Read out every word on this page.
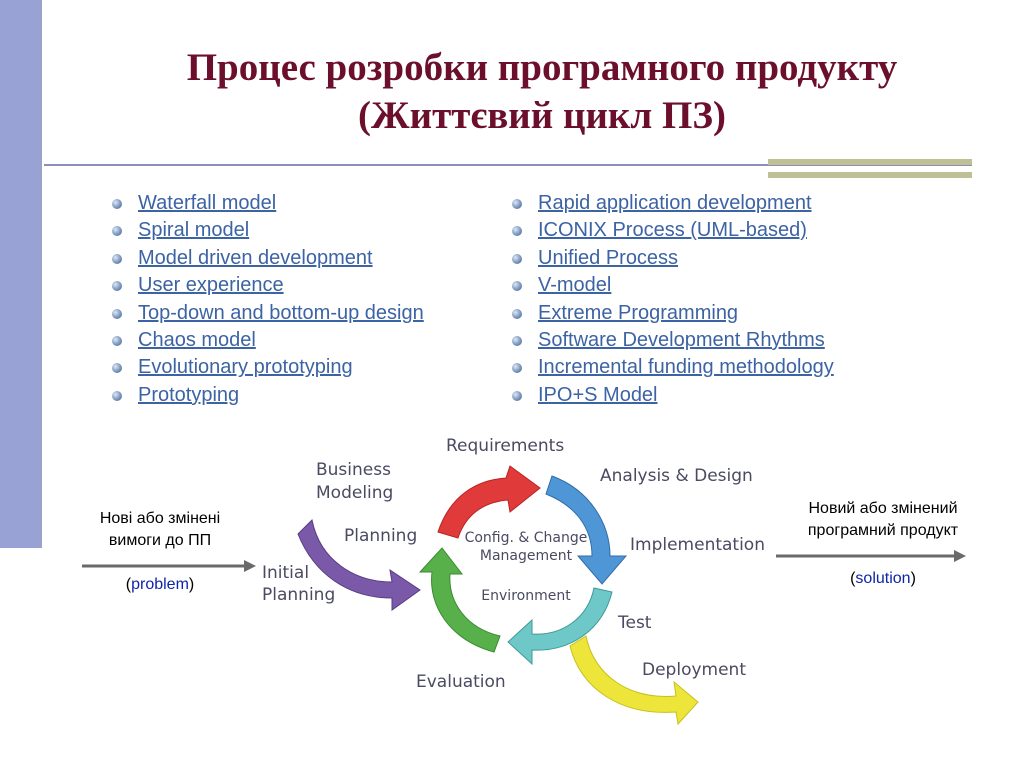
Процес розробки програмного продукту
(Життєвий цикл ПЗ)
Waterfall model
Spiral model
Model driven development
User experience
Top-down and bottom-up design
Chaos model
Evolutionary prototyping
Prototyping
Rapid application development
ICONIX Process (UML-based)
Unified Process
V-model
Extreme Programming
Software Development Rhythms
Incremental funding methodology
IPO+S Model
Нові або змінені
вимоги до ПП
(problem)
Новий або змінений
програмний продукт
(solution)
Business
Modeling
Requirements
Analysis & Design
Implementation
Test
Deployment
Evaluation
Planning
Initial
Planning
Config. & Change
Management
Environment
